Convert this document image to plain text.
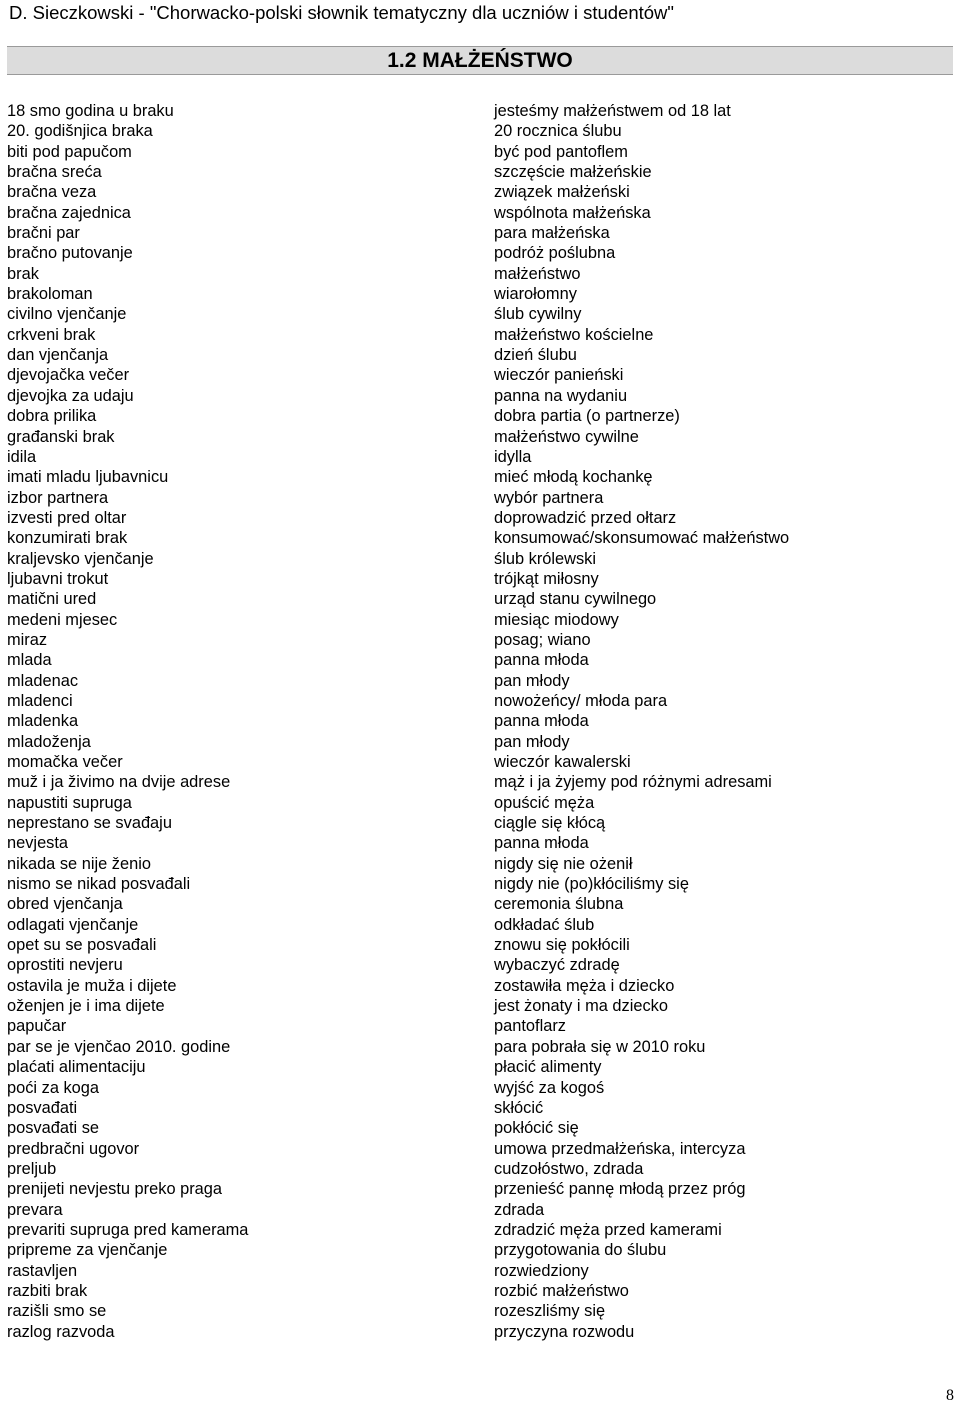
D. Sieczkowski - "Chorwacko-polski słownik tematyczny dla uczniów i studentów"
1.2 MAŁŻEŃSTWO
18 smo godina u braku	jesteśmy małżeństwem od 18 lat
20. godišnjica braka	20 rocznica ślubu
biti pod papučom	być pod pantoflem
bračna sreća	szczęście małżeńskie
bračna veza	związek małżeński
bračna zajednica	wspólnota małżeńska
bračni par	para małżeńska
bračno putovanje	podróż poślubna
brak	małżeństwo
brakoloman	wiarołomny
civilno vjenčanje	ślub cywilny
crkveni brak	małżeństwo kościelne
dan vjenčanja	dzień ślubu
djevojačka večer	wieczór panieński
djevojka za udaju	panna na wydaniu
dobra prilika	dobra partia (o partnerze)
građanski brak	małżeństwo cywilne
idila	idylla
imati mladu ljubavnicu	mieć młodą kochankę
izbor partnera	wybór partnera
izvesti pred oltar	doprowadzić przed ołtarz
konzumirati brak	konsumować/skonsumować małżeństwo
kraljevsko vjenčanje	ślub królewski
ljubavni trokut	trójkąt miłosny
matični ured	urząd stanu cywilnego
medeni mjesec	miesiąc miodowy
miraz	posag; wiano
mlada	panna młoda
mladenac	pan młody
mladenci	nowożeńcy/ młoda para
mladenka	panna młoda
mladoženja	pan młody
momačka večer	wieczór kawalerski
muž i ja živimo na dvije adrese	mąż i ja żyjemy pod różnymi adresami
napustiti supruga	opuścić męża
neprestano se svađaju	ciągle się kłócą
nevjesta	panna młoda
nikada se nije ženio	nigdy się nie ożenił
nismo se nikad posvađali	nigdy nie (po)kłóciliśmy się
obred vjenčanja	ceremonia ślubna
odlagati vjenčanje	odkładać ślub
opet su se posvađali	znowu się pokłócili
oprostiti nevjeru	wybaczyć zdradę
ostavila je muža i dijete	zostawiła męża i dziecko
oženjen je i ima dijete	jest żonaty i ma dziecko
papučar	pantoflarz
par se je vjenčao 2010. godine	para pobrała się w 2010 roku
plaćati alimentaciju	płacić alimenty
poći za koga	wyjść za kogoś
posvađati	skłócić
posvađati se	pokłócić się
predbračni ugovor	umowa przedmałżeńska, intercyza
preljub	cudzołóstwo, zdrada
prenijeti nevjestu preko praga	przenieść pannę młodą przez próg
prevara	zdrada
prevariti supruga pred kamerama	zdradzić męża przed kamerami
pripreme za vjenčanje	przygotowania do ślubu
rastavljen	rozwiedziony
razbiti brak	rozbić małżeństwo
razišli smo se	rozeszliśmy się
razlog razvoda	przyczyna rozwodu
8
